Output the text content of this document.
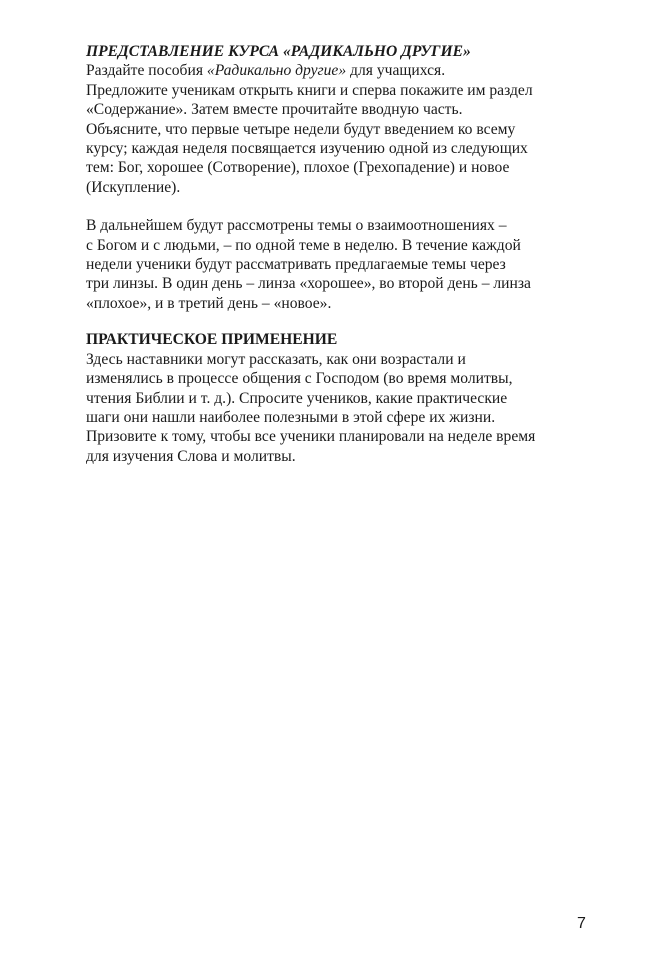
ПРЕДСТАВЛЕНИЕ КУРСА «РАДИКАЛЬНО ДРУГИЕ»
Раздайте пособия «Радикально другие» для учащихся.
Предложите ученикам открыть книги и сперва покажите им раздел
«Содержание». Затем вместе прочитайте вводную часть.
Объясните, что первые четыре недели будут введением ко всему
курсу; каждая неделя посвящается изучению одной из следующих
тем: Бог, хорошее (Сотворение), плохое (Грехопадение) и новое
(Искупление).
В дальнейшем будут рассмотрены темы о взаимоотношениях –
с Богом и с людьми, – по одной теме в неделю. В течение каждой
недели ученики будут рассматривать предлагаемые темы через
три линзы. В один день – линза «хорошее», во второй день – линза
«плохое», и в третий день – «новое».
ПРАКТИЧЕСКОЕ ПРИМЕНЕНИЕ
Здесь наставники могут рассказать, как они возрастали и
изменялись в процессе общения с Господом (во время молитвы,
чтения Библии и т. д.). Спросите учеников, какие практические
шаги они нашли наиболее полезными в этой сфере их жизни.
Призовите к тому, чтобы все ученики планировали на неделе время
для изучения Слова и молитвы.
7
